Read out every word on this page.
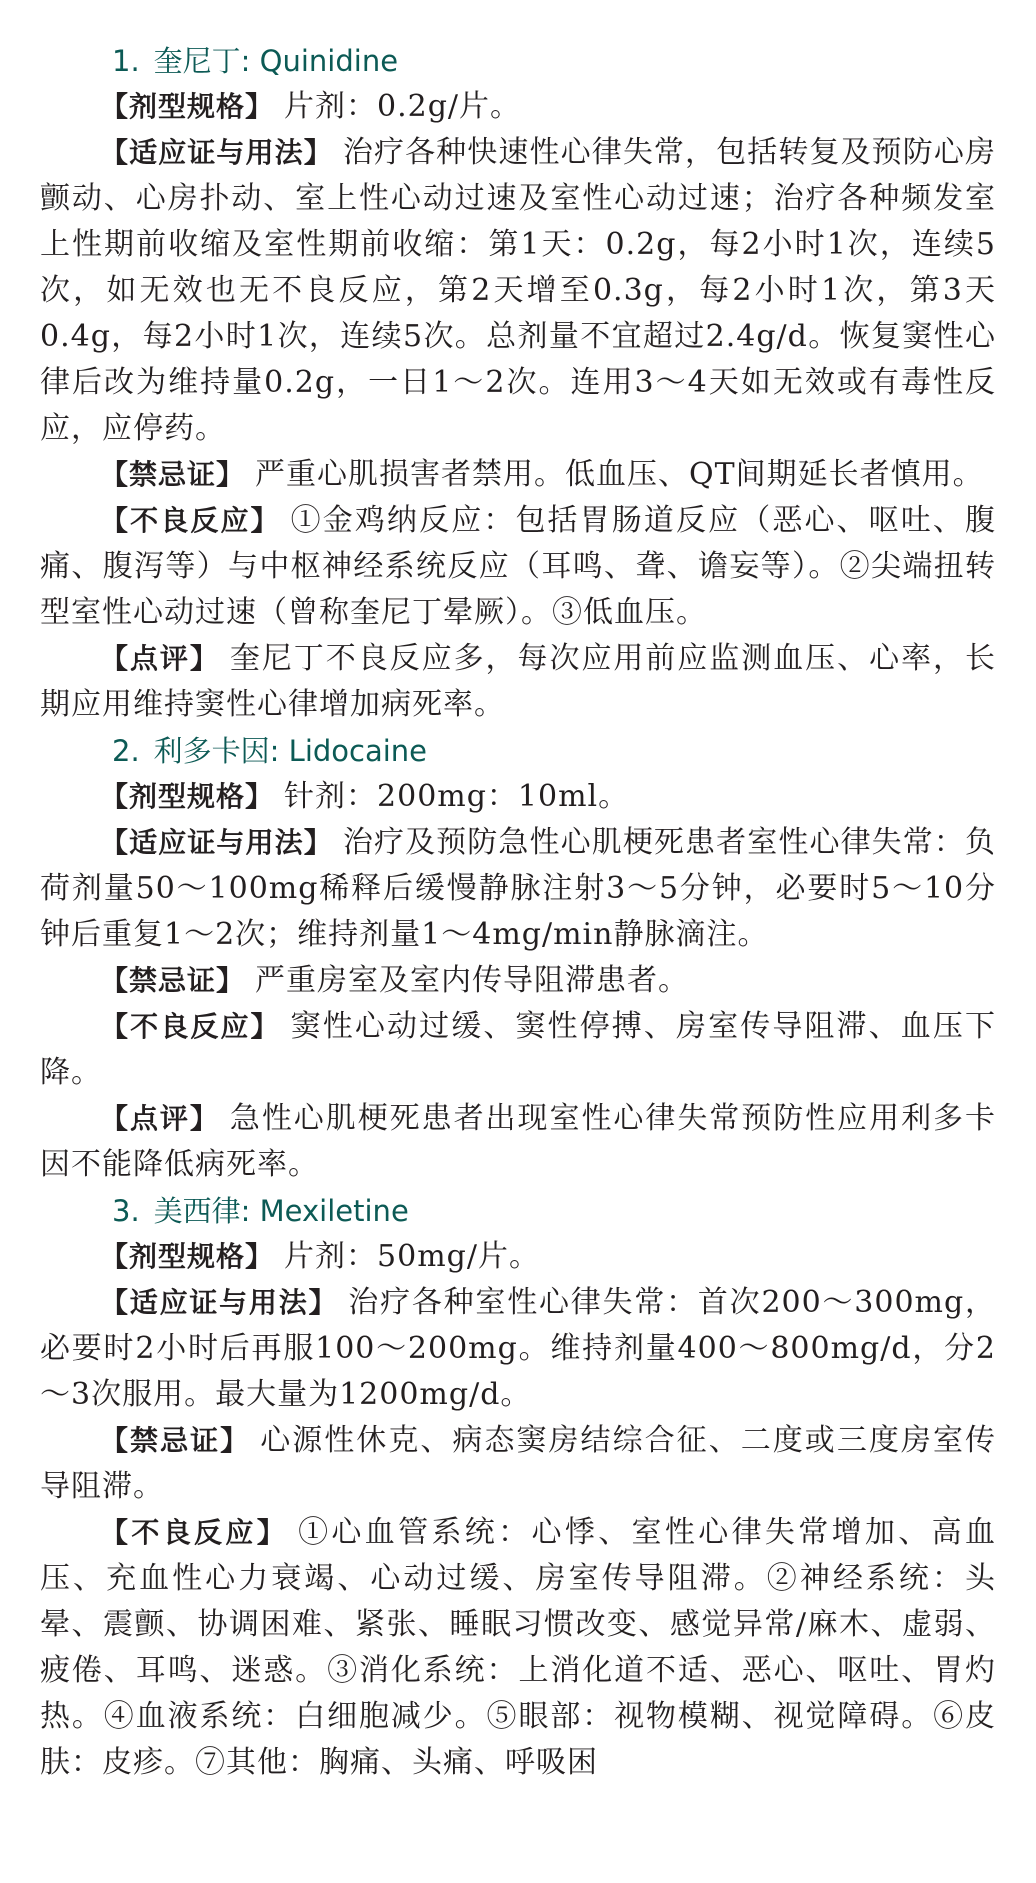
1. 奎尼丁: Quinidine

【剂型规格】 片剂：0.2g/片。

【适应证与用法】 治疗各种快速性心律失常，包括转复及预防心房颤动、心房扑动、室上性心动过速及室性心动过速；治疗各种频发室上性期前收缩及室性期前收缩：第1天：0.2g，每2小时1次，连续5次，如无效也无不良反应，第2天增至0.3g，每2小时1次，第3天0.4g，每2小时1次，连续5次。总剂量不宜超过2.4g/d。恢复窦性心律后改为维持量0.2g，一日1～2次。连用3～4天如无效或有毒性反应，应停药。

【禁忌证】 严重心肌损害者禁用。低血压、QT间期延长者慎用。

【不良反应】 ①金鸡纳反应：包括胃肠道反应（恶心、呕吐、腹痛、腹泻等）与中枢神经系统反应（耳鸣、聋、谵妄等）。②尖端扭转型室性心动过速（曾称奎尼丁晕厥）。③低血压。

【点评】 奎尼丁不良反应多，每次应用前应监测血压、心率，长期应用维持窦性心律增加病死率。

2. 利多卡因: Lidocaine

【剂型规格】 针剂：200mg：10ml。

【适应证与用法】 治疗及预防急性心肌梗死患者室性心律失常：负荷剂量50～100mg稀释后缓慢静脉注射3～5分钟，必要时5～10分钟后重复1～2次；维持剂量1～4mg/min静脉滴注。

【禁忌证】 严重房室及室内传导阻滞患者。

【不良反应】 窦性心动过缓、窦性停搏、房室传导阻滞、血压下降。

【点评】 急性心肌梗死患者出现室性心律失常预防性应用利多卡因不能降低病死率。

3. 美西律: Mexiletine

【剂型规格】 片剂：50mg/片。

【适应证与用法】 治疗各种室性心律失常：首次200～300mg，必要时2小时后再服100～200mg。维持剂量400～800mg/d，分2～3次服用。最大量为1200mg/d。

【禁忌证】 心源性休克、病态窦房结综合征、二度或三度房室传导阻滞。

【不良反应】 ①心血管系统：心悸、室性心律失常增加、高血压、充血性心力衰竭、心动过缓、房室传导阻滞。②神经系统：头晕、震颤、协调困难、紧张、睡眠习惯改变、感觉异常/麻木、虚弱、疲倦、耳鸣、迷惑。③消化系统：上消化道不适、恶心、呕吐、胃灼热。④血液系统：白细胞减少。⑤眼部：视物模糊、视觉障碍。⑥皮肤：皮疹。⑦其他：胸痛、头痛、呼吸困
